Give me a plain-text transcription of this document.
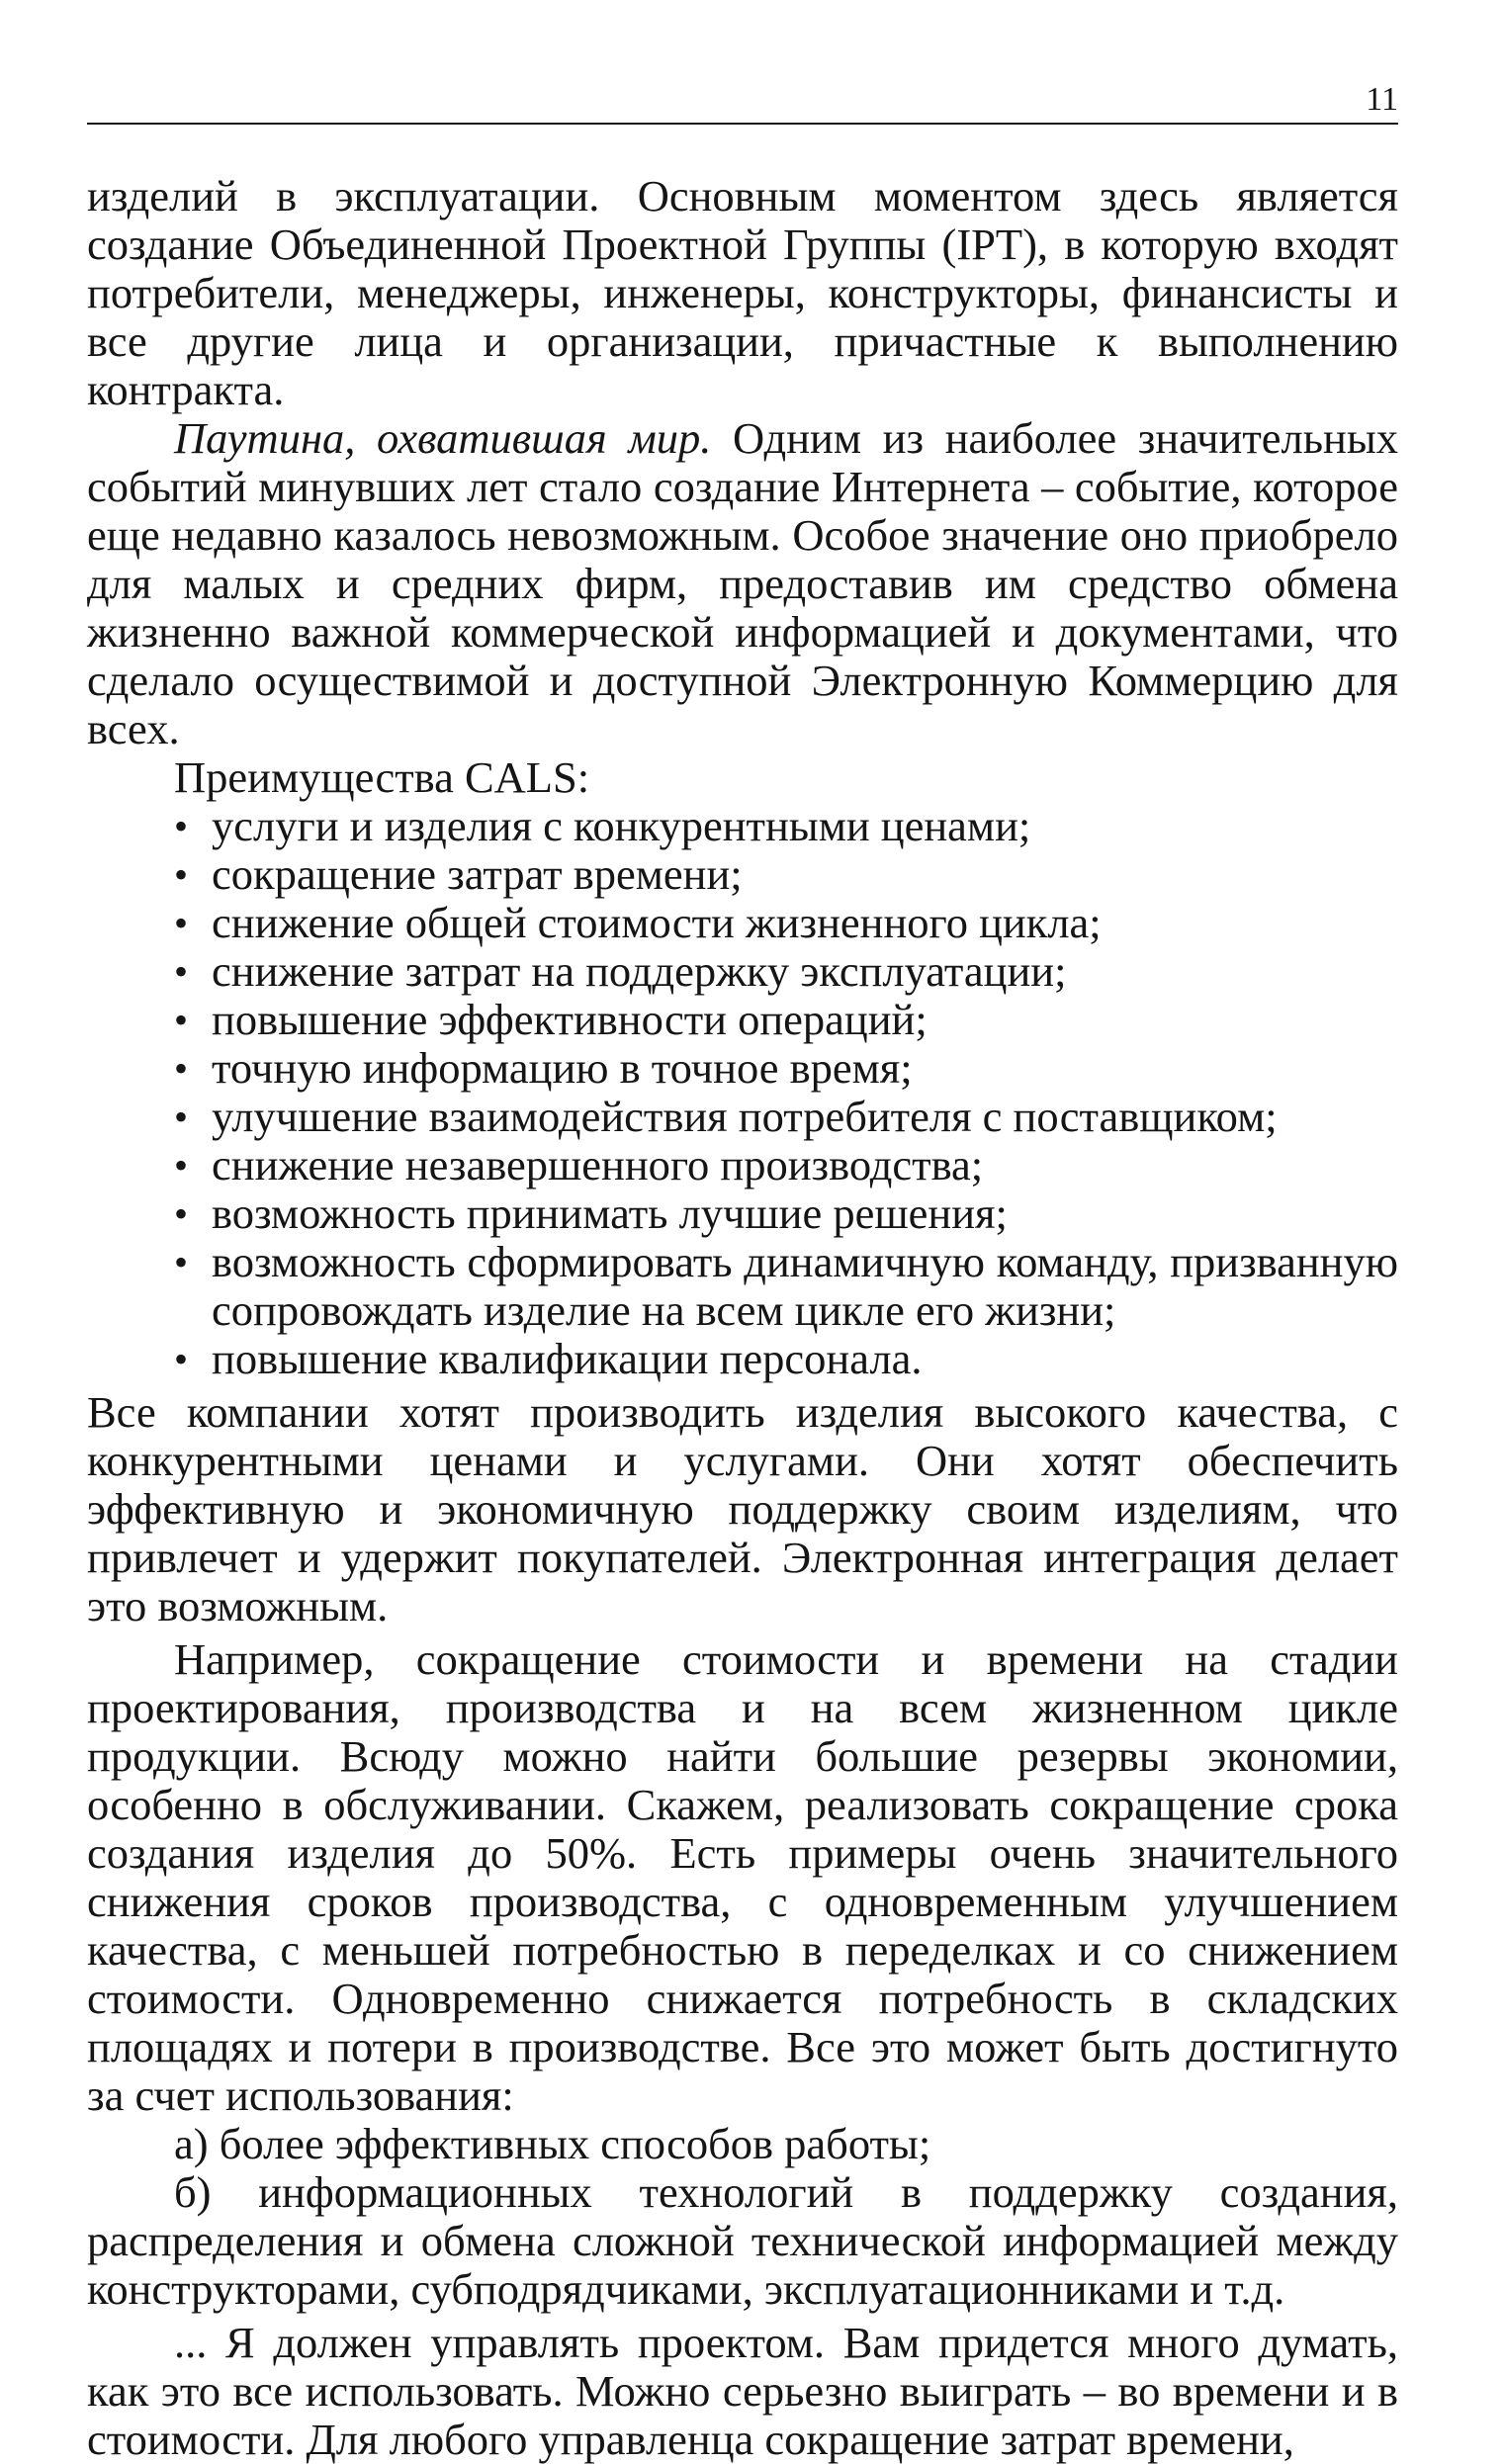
11

изделий в эксплуатации. Основным моментом здесь является создание Объединенной Проектной Группы (IPT), в которую входят потребители, менеджеры, инженеры, конструкторы, финансисты и все другие лица и организации, причастные к выполнению контракта.

Паутина, охватившая мир. Одним из наиболее значительных событий минувших лет стало создание Интернета – событие, которое еще недавно казалось невозможным. Особое значение оно приобрело для малых и средних фирм, предоставив им средство обмена жизненно важной коммерческой информацией и документами, что сделало осуществимой и доступной Электронную Коммерцию для всех.

Преимущества CALS:

• услуги и изделия с конкурентными ценами;
• сокращение затрат времени;
• снижение общей стоимости жизненного цикла;
• снижение затрат на поддержку эксплуатации;
• повышение эффективности операций;
• точную информацию в точное время;
• улучшение взаимодействия потребителя с поставщиком;
• снижение незавершенного производства;
• возможность принимать лучшие решения;
• возможность сформировать динамичную команду, призванную сопровождать изделие на всем цикле его жизни;
• повышение квалификации персонала.

Все компании хотят производить изделия высокого качества, с конкурентными ценами и услугами. Они хотят обеспечить эффективную и экономичную поддержку своим изделиям, что привлечет и удержит покупателей. Электронная интеграция делает это возможным.

Например, сокращение стоимости и времени на стадии проектирования, производства и на всем жизненном цикле продукции. Всюду можно найти большие резервы экономии, особенно в обслуживании. Скажем, реализовать сокращение срока создания изделия до 50%. Есть примеры очень значительного снижения сроков производства, с одновременным улучшением качества, с меньшей потребностью в переделках и со снижением стоимости. Одновременно снижается потребность в складских площадях и потери в производстве. Все это может быть достигнуто за счет использования:

а) более эффективных способов работы;

б) информационных технологий в поддержку создания, распределения и обмена сложной технической информацией между конструкторами, субподрядчиками, эксплуатационниками и т.д.

... Я должен управлять проектом. Вам придется много думать, как это все использовать. Можно серьезно выиграть – во времени и в стоимости. Для любого управленца сокращение затрат времени,
